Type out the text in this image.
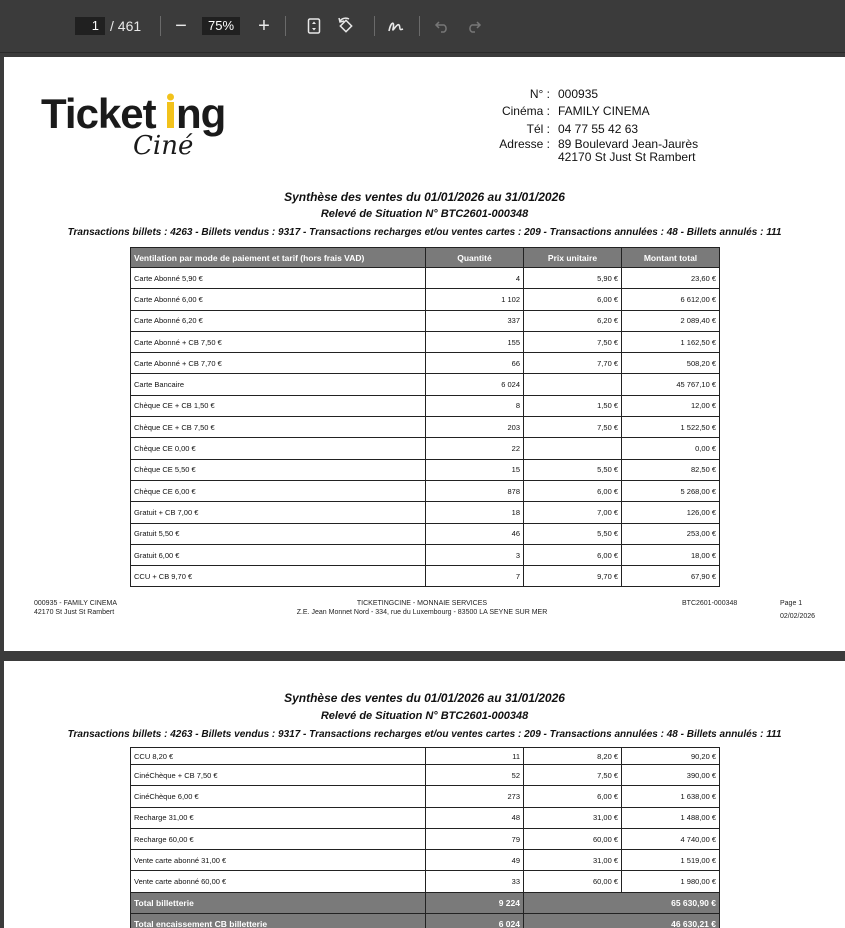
1 / 461	−	75%	+
Ticket ng
Ciné
N° : 000935
Cinéma : FAMILY CINEMA
Tél : 04 77 55 42 63
Adresse : 89 Boulevard Jean-Jaurès
42170 St Just St Rambert
Synthèse des ventes du 01/01/2026 au 31/01/2026
Relevé de Situation N° BTC2601-000348
Transactions billets : 4263 - Billets vendus : 9317 - Transactions recharges et/ou ventes cartes : 209 - Transactions annulées : 48 - Billets annulés : 111
Ventilation par mode de paiement et tarif (hors frais VAD)	Quantité	Prix unitaire	Montant total
Carte Abonné 5,90 €	4	5,90 €	23,60 €
Carte Abonné 6,00 €	1 102	6,00 €	6 612,00 €
Carte Abonné 6,20 €	337	6,20 €	2 089,40 €
Carte Abonné + CB 7,50 €	155	7,50 €	1 162,50 €
Carte Abonné + CB 7,70 €	66	7,70 €	508,20 €
Carte Bancaire	6 024		45 767,10 €
Chèque CE + CB 1,50 €	8	1,50 €	12,00 €
Chèque CE + CB 7,50 €	203	7,50 €	1 522,50 €
Chèque CE 0,00 €	22		0,00 €
Chèque CE 5,50 €	15	5,50 €	82,50 €
Chèque CE 6,00 €	878	6,00 €	5 268,00 €
Gratuit + CB 7,00 €	18	7,00 €	126,00 €
Gratuit 5,50 €	46	5,50 €	253,00 €
Gratuit 6,00 €	3	6,00 €	18,00 €
CCU + CB 9,70 €	7	9,70 €	67,90 €
000935 - FAMILY CINEMA
42170 St Just St Rambert
TICKETINGCINE - MONNAIE SERVICES
Z.E. Jean Monnet Nord - 334, rue du Luxembourg - 83500 LA SEYNE SUR MER
BTC2601-000348	Page 1
02/02/2026
Synthèse des ventes du 01/01/2026 au 31/01/2026
Relevé de Situation N° BTC2601-000348
Transactions billets : 4263 - Billets vendus : 9317 - Transactions recharges et/ou ventes cartes : 209 - Transactions annulées : 48 - Billets annulés : 111
CCU 8,20 €	11	8,20 €	90,20 €
CinéChèque + CB 7,50 €	52	7,50 €	390,00 €
CinéChèque 6,00 €	273	6,00 €	1 638,00 €
Recharge 31,00 €	48	31,00 €	1 488,00 €
Recharge 60,00 €	79	60,00 €	4 740,00 €
Vente carte abonné 31,00 €	49	31,00 €	1 519,00 €
Vente carte abonné 60,00 €	33	60,00 €	1 980,00 €
Total billetterie	9 224	65 630,90 €	
Total encaissement CB billetterie	6 024	46 630,21 €	
